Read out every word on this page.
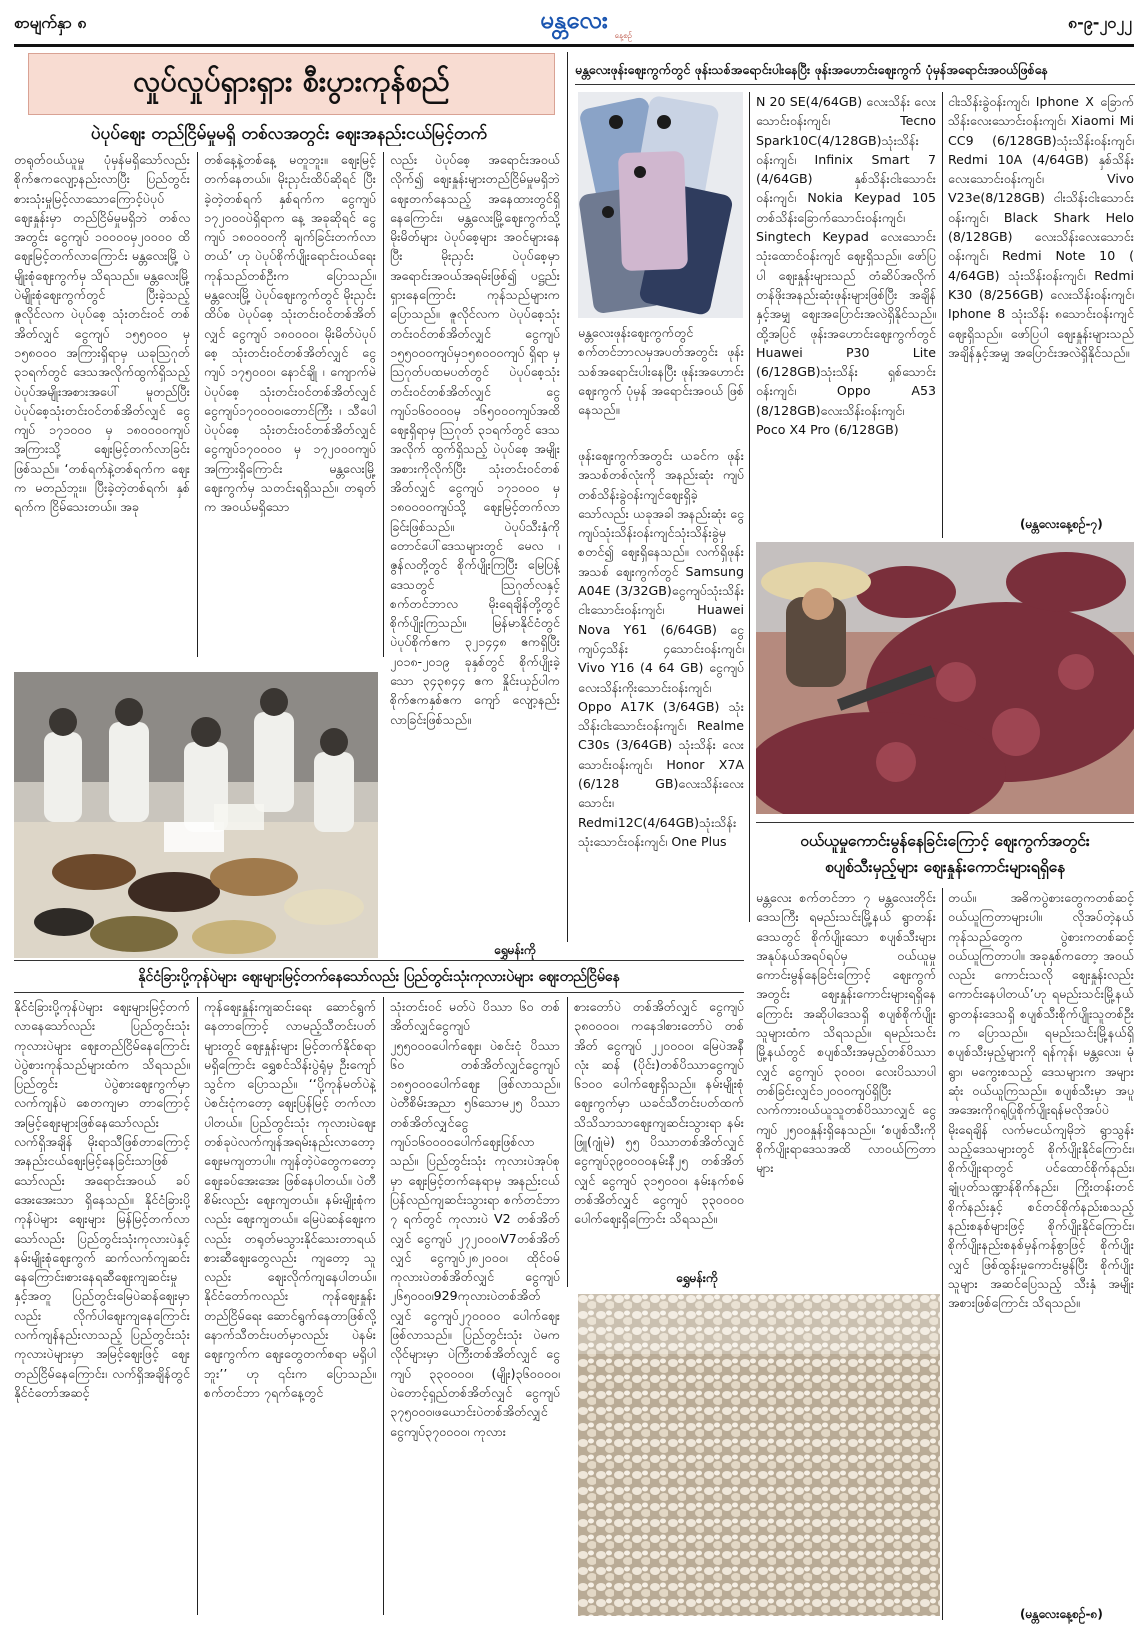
စာမျက်နှာ ၈	မန္တလေး
နေ့စဉ်
၈-၉-၂၀၂၂
လှုပ်လှုပ်ရှားရှား စီးပွားကုန်စည်
ပဲပုပ်ဈေး တည်ငြိမ်မှုမရှိ တစ်လအတွင်း ဈေးအနည်းငယ်မြင့်တက်
တရုတ်ဝယ်ယူမှု ပုံမှန်မရှိသော်လည်း စိုက်ဧကလျော့နည်းလာပြီး ပြည်တွင်းစားသုံးမှုမြင့်လာသောကြောင့်ပဲပုပ်ဈေးနှုန်းမှာ တည်ငြိမ်မှုမရှိဘဲ တစ်လအတွင်း ငွေကျပ် ၁၀၀၀၀မှ၂၀၀၀၀ ထိ ဈေးမြင့်တက်လာကြောင်း မန္တလေးမြို့ ပဲမျိုးစုံဈေးကွက်မှ သိရသည်။ မန္တလေးမြို့ ပဲမျိုးစုံဈေးကွက်တွင် ပြီးခဲ့သည့် ဇူလိုင်လက ပဲပုပ်စေ့ သုံးတင်းဝင် တစ်အိတ်လျှင် ငွေကျပ် ၁၅၅၀၀၀ မှ ၁၅၈၀၀၀ အကြားရှိရာမှ ယခုသြဂုတ် ၃၁ရက်တွင် ဒေသအလိုက်ထွက်ရှိသည့် ပဲပုပ်အမျိုးအစားအပေါ် မူတည်ပြီး ပဲပုပ်စေ့သုံးတင်းဝင်တစ်အိတ်လျှင် ငွေကျပ် ၁၇၁၀၀၀ မှ ၁၈၀၀၀၀ကျပ် အကြားသို့ ဈေးမြင့်တက်လာခြင်းဖြစ်သည်။ ‘တစ်ရက်နဲ့တစ်ရက်က ဈေးက မတည်ဘူး။ ပြီးခဲ့တဲ့တစ်ရက်၊ နှစ်ရက်က ငြိမ်သေးတယ်။ အခု
တစ်နေ့နဲ့တစ်နေ့ မတူဘူး။ ဈေးမြင့်တက်နေတယ်။ မိုးညှင်းထိပ်ဆိုရင် ပြီးခဲ့တဲ့တစ်ရက် နှစ်ရက်က ငွေကျပ် ၁၇၂၀၀၀ပဲရှိရာက နေ့ အခုဆိုရင် ငွေကျပ် ၁၈၀၀၀၀ကို ချက်ခြင်းတက်လာတယ်’ ဟု ပဲပုပ်စိုက်ပျိုးရောင်းဝယ်ရေး ကုန်သည်တစ်ဦးက ပြောသည်။ မန္တလေးမြို့ ပဲပုပ်ဈေးကွက်တွင် မိုးညှင်းထိပ်စ ပဲပုပ်စေ့ သုံးတင်းဝင်တစ်အိတ်လျှင် ငွေကျပ် ၁၈၀၀၀၀၊ မိုးမိတ်ပဲပုပ်စေ့ သုံးတင်းဝင်တစ်အိတ်လျှင် ငွေကျပ် ၁၇၅၀၀၀၊ နောင်ချို ၊ ကျောက်မဲ ပဲပုပ်စေ့ သုံးတင်းဝင်တစ်အိတ်လျှင် ငွေကျပ်၁၇၀၀၀၀၊တောင်ကြီး ၊ သီပေါပဲပုပ်စေ့ သုံးတင်းဝင်တစ်အိတ်လျှင် ငွေကျပ်၁၇၀၀၀၀ မှ ၁၇၂၀၀၀ကျပ်အကြားရှိကြောင်း မန္တလေးမြို့ ဈေးကွက်မှ သတင်းရရှိသည်။ တရုတ်က အဝယ်မရှိသော
လည်း ပဲပုပ်စေ့ အရောင်းအဝယ်လိုက်၍ ဈေးနှုန်းများတည်ငြိမ်မှုမရှိဘဲ ဈေးတက်နေသည့် အနေထားတွင်ရှိနေကြောင်း၊ မန္တလေးမြို့ဈေးကွက်သို့ မိုးမိတ်များ ပဲပုပ်စေ့များ အဝင်များနေပြီး မိုးညှင်း ပဲပုပ်စေ့မှာ အရောင်းအဝယ်အရမ်းဖြစ်၍ ပဋ္ဌည်းရှားနေကြောင်း ကုန်သည်များက ပြောသည်။ ဇူလိုင်လက ပဲပုပ်စေ့သုံးတင်းဝင်တစ်အိတ်လျှင် ငွေကျပ် ၁၅၅၀၀၀ကျပ်မှ၁၅၈၀၀၀ကျပ် ရှိရာ မှ သြဂုတ်ပထမပတ်တွင် ပဲပုပ်စေ့သုံးတင်းဝင်တစ်အိတ်လျှင် ငွေကျပ်၁၆၀၀၀၀မှ ၁၆၅၀၀၀ကျပ်အထိ ဈေးရှိရာမှ သြဂုတ် ၃၁ရက်တွင် ဒေသအလိုက် ထွက်ရှိသည့် ပဲပုပ်စေ့ အမျိုးအစားကိုလိုက်ပြီး သုံးတင်းဝင်တစ်အိတ်လျှင် ငွေကျပ် ၁၇၁၀၀၀ မှ ၁၈၀၀၀၀ကျပ်သို့ ဈေးမြင့်တက်လာခြင်းဖြစ်သည်။ ပဲပုပ်သီးနှံကို တောင်ပေါ်ဒေသများတွင် မေလ ၊ ဇွန်လတို့တွင် စိုက်ပျိုးကြပြီး မြေပြန့်ဒေသတွင် သြဂုတ်လနှင့်စက်တင်ဘာလ မိုးရေချိန်တို့တွင် စိုက်ပျိုးကြသည်။ မြန်မာနိုင်ငံတွင် ပဲပုပ်စိုက်ဧက ၃၂၁၄၄၈ ဧကရှိပြီး ၂၀၁၈-၂၀၁၉ ခုနှစ်တွင် စိုက်ပျိုးခဲ့သော ၃၄၃၈၄၄ ဧက နှိုင်းယှဉ်ပါက စိုက်ဧကနှစ်ဧက ကျော် လျော့နည်းလာခြင်းဖြစ်သည်။
ရွှေမန်းကို
မန္တလေးဖုန်းဈေးကွက်တွင် ဖုန်းသစ်အရောင်းပါးနေပြီး ဖုန်းအဟောင်းဈေးကွက် ပုံမှန်အရောင်းအဝယ်ဖြစ်နေ
မန္တလေးဖုန်းဈေးကွက်တွင် စက်တင်ဘာလမှအပတ်အတွင်း ဖုန်းသစ်အရောင်းပါးနေပြီး ဖုန်းအဟောင်းဈေးကွက် ပုံမှန် အရောင်းအဝယ် ဖြစ်နေသည်။
ဖုန်းဈေးကွက်အတွင်း ယခင်က ဖုန်းအသစ်တစ်လုံးကို အနည်းဆုံး ကျပ်တစ်သိန်းခွဲဝန်းကျင်ဈေးရှိခဲ့သော်လည်း ယခုအခါ အနည်းဆုံး ငွေကျပ်သုံးသိန်းဝန်းကျင်သုံးသိန်းခွဲမှစတင်၍ ဈေးရှိနေသည်။ လက်ရှိဖုန်းအသစ် ဈေးကွက်တွင် Samsung A04E (3/32GB)ငွေကျပ်သုံးသိန်းငါးသောင်းဝန်းကျင်၊ Huawei Nova Y61 (6/64GB) ငွေကျပ်၄သိန်း ၄သောင်းဝန်းကျင်၊ Vivo Y16 (4 64 GB) ငွေကျပ်လေးသိန်းကိုးသောင်းဝန်းကျင်၊ Oppo A17K (3/64GB) သုံးသိန်းငါးသောင်းဝန်းကျင်၊ Realme C30s (3/64GB) သုံးသိန်း လေးသောင်းဝန်းကျင်၊ Honor X7A (6/128 GB)လေးသိန်းလေးသောင်း၊ Redmi12C(4/64GB)သုံးသိန်း သုံးသောင်းဝန်းကျင်၊ One Plus
N 20 SE(4/64GB) လေးသိန်း လေးသောင်းဝန်းကျင်၊ Tecno Spark10C(4/128GB)သုံးသိန်း ဝန်းကျင်၊ Infinix Smart 7 (4/64GB) နှစ်သိန်းငါးသောင်းဝန်းကျင်၊ Nokia Keypad 105 တစ်သိန်းခြောက်သောင်းဝန်းကျင်၊Singtech Keypad လေးသောင်းသုံးထောင်ဝန်းကျင် ဈေးရှိသည်။ ဖော်ပြပါ ဈေးနှုန်းများသည် တံဆိပ်အလိုက် တန်ဖိုးအနည်းဆုံးဖုန်းများဖြစ်ပြီး အချိန်နှင့်အမျှ ဈေးအပြောင်းအလဲရှိနိုင်သည်။ ထို့အပြင် ဖုန်းအဟောင်းဈေးကွက်တွင် Huawei P30 Lite (6/128GB)သုံးသိန်း ရှစ်သောင်းဝန်းကျင်၊ Oppo A53 (8/128GB)လေးသိန်းဝန်းကျင်၊ Poco X4 Pro (6/128GB)
ငါးသိန်းခွဲဝန်းကျင်၊ Iphone X ခြောက်သိန်းလေးသောင်းဝန်းကျင်၊ Xiaomi Mi CC9 (6/128GB)သုံးသိန်းဝန်းကျင်၊Redmi 10A (4/64GB) နှစ်သိန်းလေးသောင်းဝန်းကျင်၊ Vivo V23e(8/128GB) ငါးသိန်းငါးသောင်းဝန်းကျင်၊ Black Shark Helo (8/128GB) လေးသိန်းလေးသောင်းဝန်းကျင်၊ Redmi Note 10 ( 4/64GB) သုံးသိန်းဝန်းကျင်၊ Redmi K30 (8/256GB) လေးသိန်းဝန်းကျင်၊ Iphone 8 သုံးသိန်း ၈သောင်းဝန်းကျင် ဈေးရှိသည်။ ဖော်ပြပါ ဈေးနှုန်းများသည် အချိန်နှင့်အမျှ အပြောင်းအလဲရှိနိုင်သည်။
(မန္တလေးနေ့စဉ်-၇)
ဝယ်ယူမှုကောင်းမွန်နေခြင်းကြောင့် ဈေးကွက်အတွင်း
စပျစ်သီးမှည့်များ ဈေးနှုန်းကောင်းများရရှိနေ
မန္တလေး စက်တင်ဘာ ၇ မန္တလေးတိုင်းဒေသကြီး ရမည်းသင်းမြို့နယ် ရွာတန်းဒေသတွင် စိုက်ပျိုးသော စပျစ်သီးများ အနုပ်နယ်အရပ်ရပ်မှ ဝယ်ယူမှုကောင်းမွန်နေခြင်းကြောင့် ဈေးကွက်အတွင်း ဈေးနှုန်းကောင်းများရရှိနေကြောင်း အဆိုပါဒေသရှိ စပျစ်စိုက်ပျိုးသူများထံက သိရသည်။ ရမည်းသင်းမြို့နယ်တွင် စပျစ်သီးအမှည့်တစ်ပိဿာလျှင် ငွေကျပ် ၃၀၀၀၊ လေးပိဿာပါ တစ်ခြင်းလျှင်၁၂၀၀၀ကျပ်ရှိပြီး လက်ကားဝယ်ယူသူတစ်ပိဿာလျှင် ငွေကျပ် ၂၅၀၀နှုန်းရှိနေသည်။ ‘စပျစ်သီးကို စိုက်ပျိုးရာဒေသအထိ လာဝယ်ကြတာများ
တယ်။ အဓိကပွဲစားတွေကတစ်ဆင့်ဝယ်ယူကြတာများပါ။ လိုအပ်တဲ့နယ်ကုန်သည်တွေက ပွဲစားကတစ်ဆင့် ဝယ်ယူကြတာပါ။ အခုနှစ်ကတော့ အဝယ်လည်း ကောင်းသလို ဈေးနှုန်းလည်း ကောင်းနေပါတယ်’ဟု ရမည်းသင်းမြို့နယ် ရွာတန်းဒေသရှိ စပျစ်သီးစိုက်ပျိုးသူတစ်ဦးက ပြောသည်။ ရမည်းသင်းမြို့နယ်ရှိ စပျစ်သီးမှည့်များကို ရန်ကုန်၊ မန္တလေး၊ မုံရွာ၊ မကွေးစသည့် ဒေသများက အများဆုံး ဝယ်ယူကြသည်။ စပျစ်သီးမှာ အပူအအေးကိုဂရုပြုစိုက်ပျိုးရန်မလိုအပ်ပဲ မိုးရေချိန် လက်မငယ်ကျမိုဘဲ ရွာသွန်းသည့်ဒေသများတွင် စိုက်ပျိုးနိုင်ကြောင်း၊ စိုက်ပျိုးရာတွင် ပင်ထောင်စိုက်နည်း၊ ချုံပုတ်သဏ္ဍာန်စိုက်နည်း၊ ကြိုးတန်းတင်စိုက်နည်းနှင့် စင်တင်စိုက်နည်းစသည့် နည်းစနစ်များဖြင့် စိုက်ပျိုးနိုင်ကြောင်း၊ စိုက်ပျိုးနည်းစနစ်မှန်ကန်စွာဖြင့် စိုက်ပျိုးလျှင် ဖြစ်ထွန်းမှုကောင်းမွန်ပြီး စိုက်ပျိုးသူများ အဆင်ပြေသည့် သီးနှံ အမျိုးအစားဖြစ်ကြောင်း သိရသည်။
(မန္တလေးနေ့စဉ်-၈)
နိုင်ငံခြားပို့ကုန်ပဲများ ဈေးများမြင့်တက်နေသော်လည်း ပြည်တွင်းသုံးကုလားပဲများ ဈေးတည်ငြိမ်နေ
နိုင်ငံခြားပို့ကုန်ပဲများ ဈေးများမြင့်တက်လာနေသော်လည်း ပြည်တွင်းသုံးကုလားပဲများ ဈေးတည်ငြိမ်နေကြောင်း ပဲပွဲစားကုန်သည်များထံက သိရသည်။ ပြည်တွင်း ပဲပွဲစားဈေးကွက်မှာ လက်ကျန်ပဲ စေတကျမာ တာကြောင့် အမြင့်ဈေးများဖြစ်နေသော်လည်း လက်ရှိအချိန် မိုးရာသီဖြစ်တာကြောင့် အနည်းငယ်ဈေးမြင့်နေခြင်းသာဖြစ်သော်လည်း အရောင်းအဝယ် ခပ်အေးအေးသာ ရှိနေသည်။ နိုင်ငံခြားပို့ကုန်ပဲများ ဈေးများ မြန်မြင့်တက်လာသော်လည်း ပြည်တွင်းသုံးကုလားပဲနှင့် နမ်းမျိုးစုံဈေးကွက် ဆက်လက်ကျဆင်းနေကြောင်း၊စားနေရဆီဈေးကျဆင်းမှုနှင့်အတူ ပြည်တွင်းမြေပဲဆန်ဈေးမှာလည်း လိုက်ပါဈေးကျနေကြောင်း လက်ကျန်နည်းလာသည့် ပြည်တွင်းသုံးကုလားပဲများမှာ အမြင့်ဈေးဖြင့် ဈေးတည်ငြိမ်နေကြောင်း၊ လက်ရှိအချိန်တွင် နိုင်ငံတော်အဆင့်
ကုန်ဈေးနှုန်းကျဆင်းရေး ဆောင်ရွက်နေတာကြောင့် လာမည့်သီတင်းပတ်များတွင် ဈေးနှုန်းများ မြင့်တက်နိုင်စရာမရှိကြောင်း ရွှေစင်သိန်းပွဲရုံမှ ဦးကျော်သွင်က ပြောသည်။ ‘‘ပို့ကုန်မတ်ပဲနဲ့ပဲစင်းငုံကတော့ ဈေးပြန်မြင့် တက်လာပါတယ်။ ပြည်တွင်းသုံး ကုလားပဲဈေးတစ်ခုပဲလက်ကျန်အရမ်းနည်းလာတော့ ဈေးမကျတာပါ။ ကျန်တဲ့ပဲတွေကတော့ ဈေးခပ်အေးအေး ဖြစ်နေပါတယ်။ ပဲတီစိမ်းလည်း ဈေးကျတယ်။ နမ်းမျိုးစုံကလည်း ဈေးကျတယ်။ မြေပဲဆန်ဈေးကလည်း တရုတ်မသွားနိုင်သေးတာရယ် စားဆီဈေးတွေလည်း ကျတော့ သူလည်း ဈေးလိုက်ကျနေပါတယ်။ နိုင်ငံတော်ကလည်း ကုန်ဈေးနှုန်းတည်ငြိမ်ရေး ဆောင်ရွက်နေတာဖြစ်လို့ နောက်သီတင်းပတ်မှာလည်း ပဲနမ်းဈေးကွက်က ဈေးတွေတက်စရာ မရှိပါဘူး’’ ဟု ၎င်းက ပြောသည်။ စက်တင်ဘာ ၇ရက်နေ့တွင်
သုံးတင်းဝင် မတ်ပဲ ပိဿာ ၆၀ တစ်အိတ်လျှင်ငွေကျပ် ၂၅၅၀၀၀ပေါက်ဈေး၊ ပဲစင်းငုံ ပိဿာ ၆၀ တစ်အိတ်လျှင်ငွေကျပ် ၁၈၅၀၀၀ပေါက်ဈေး ဖြစ်လာသည်။ ပဲတီစိမ်းအညာ ၅၆သောမ၂၅ ပိဿာ တစ်အိတ်လျှင်ငွေကျပ်၁၆၀၀၀၀ပေါက်ဈေးဖြစ်လာသည်။ ပြည်တွင်းသုံး ကုလားပဲအုပ်စုမှာ ဈေးမြင့်တက်နေရာမှ အနည်းငယ်ပြန်လည်ကျဆင်းသွားရာ စက်တင်ဘာ ၇ ရက်တွင် ကုလားပဲ V2 တစ်အိတ်လျှင် ငွေကျပ် ၂၇၂၀၀၀၊V7တစ်အိတ်လျှင် ငွေကျပ်၂၈၂၀၀၀၊ ထိုင်ဝမ်ကုလားပဲတစ်အိတ်လျှင် ငွေကျပ် ၂၆၅၀၀၀၊929ကုလားပဲတစ်အိတ်လျှင် ငွေကျပ်၂၇၀၀၀၀ ပေါက်ဈေး ဖြစ်လာသည်။ ပြည်တွင်းသုံး ပဲမကလိုင်များမှာ ပဲကြီးတစ်အိတ်လျှင် ငွေကျပ် ၃၃၀၀၀၀၊ (မျိုး)၃၆၀၀၀၀၊ ပဲတောင့်ရှည်တစ်အိတ်လျှင် ငွေကျပ် ၃၇၅၀၀၀၊ဖယောင်းပဲတစ်အိတ်လျှင် ငွေကျပ်၃၇၀၀၀၀၊ ကုလား
စားတော်ပဲ တစ်အိတ်လျှင် ငွေကျပ် ၃၈၀၀၀၀၊ ကနေဒါစားတော်ပဲ တစ်အိတ် ငွေကျပ် ၂၂၀၀၀၀၊ မြေပဲအနီလုံး ဆန် (ပိုင်း)တစ်ပိဿာငွေကျပ် ၆၁၀၀ ပေါက်ဈေးရှိသည်။ နမ်းမျိုးစုံဈေးကွက်မှာ ယခင်သီတင်းပတ်ထက် သိသိသာသာဈေးကျဆင်းသွားရာ နမ်းဖြူ(ဂျုံမဲ) ၅၅ ပိဿာတစ်အိတ်လျှင် ငွေကျပ်၃၉၀၀၀၀နမ်းနီ၂၅ တစ်အိတ်လျှင် ငွေကျပ် ၃၁၅၀၀၀၊ နမ်းနက်စမ် တစ်အိတ်လျှင် ငွေကျပ် ၃၃၀၀၀၀ ပေါက်ဈေးရှိကြောင်း သိရသည်။
ရွှေမန်းကို
